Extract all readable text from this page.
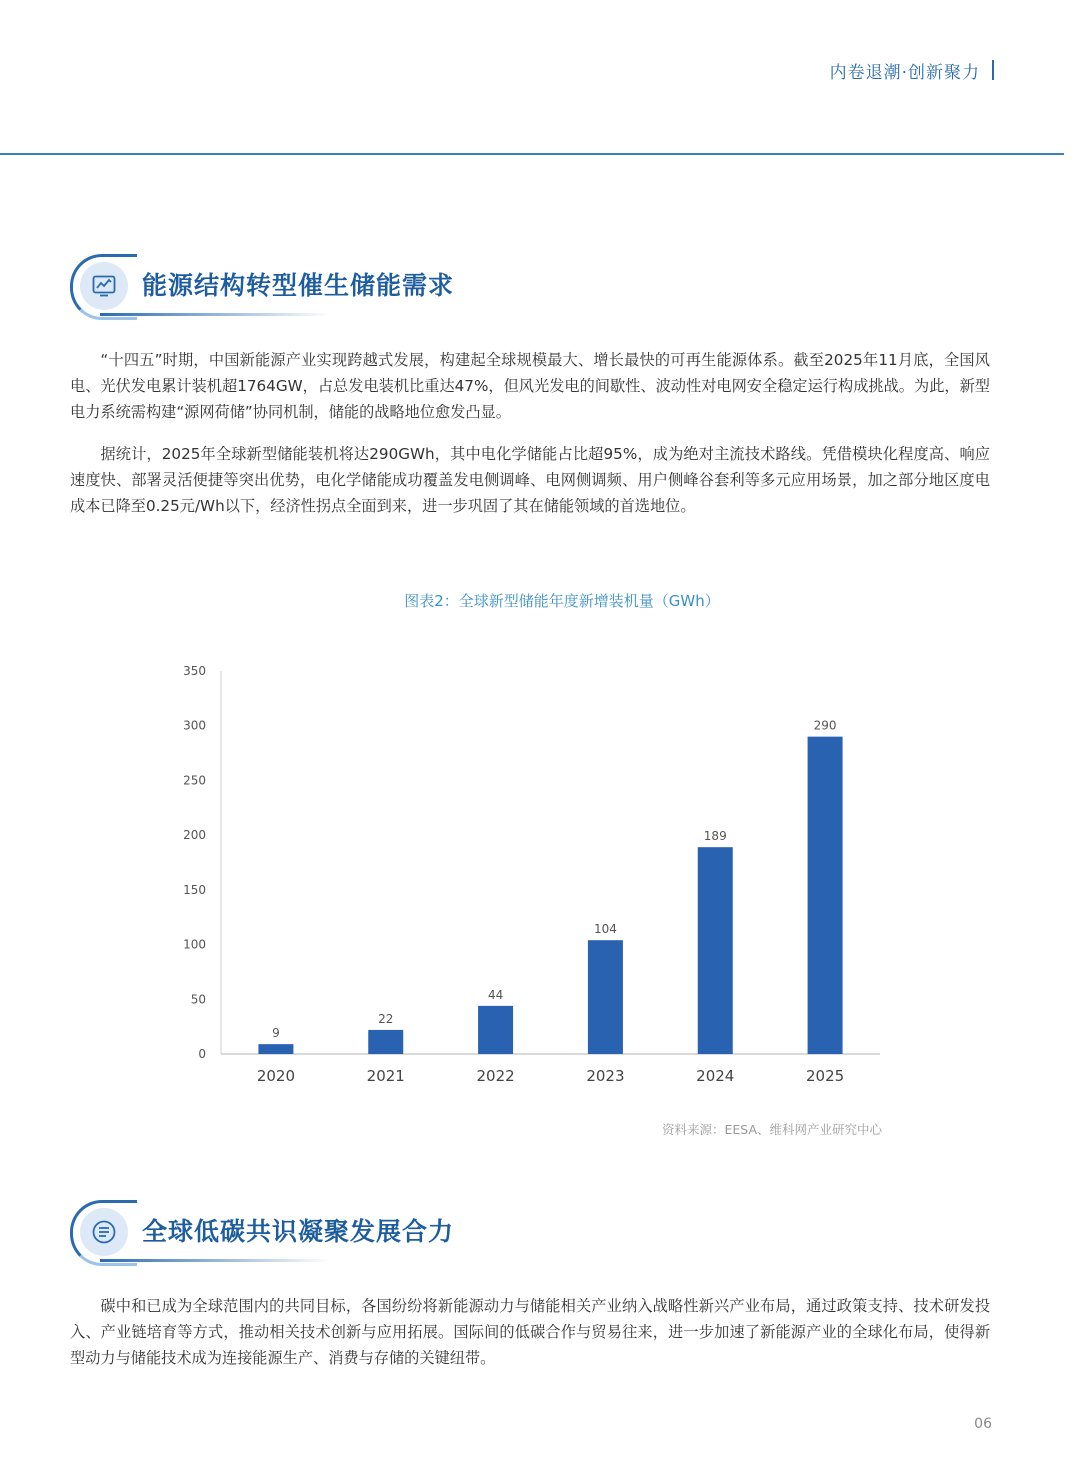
内卷退潮·创新聚力
能源结构转型催生储能需求

“十四五”时期，中国新能源产业实现跨越式发展，构建起全球规模最大、增长最快的可再生能源体系。截至2025年11月底，全国风电、光伏发电累计装机超1764GW，占总发电装机比重达47%，但风光发电的间歇性、波动性对电网安全稳定运行构成挑战。为此，新型电力系统需构建“源网荷储”协同机制，储能的战略地位愈发凸显。

据统计，2025年全球新型储能装机将达290GWh，其中电化学储能占比超95%，成为绝对主流技术路线。凭借模块化程度高、响应速度快、部署灵活便捷等突出优势，电化学储能成功覆盖发电侧调峰、电网侧调频、用户侧峰谷套利等多元应用场景，加之部分地区度电成本已降至0.25元/Wh以下，经济性拐点全面到来，进一步巩固了其在储能领域的首选地位。

图表2：全球新型储能年度新增装机量（GWh）
0
50
100
150
200
250
300
350
9
2020
22
2021
44
2022
104
2023
189
2024
290
2025
资料来源：EESA、维科网产业研究中心
全球低碳共识凝聚发展合力

碳中和已成为全球范围内的共同目标，各国纷纷将新能源动力与储能相关产业纳入战略性新兴产业布局，通过政策支持、技术研发投入、产业链培育等方式，推动相关技术创新与应用拓展。国际间的低碳合作与贸易往来，进一步加速了新能源产业的全球化布局，使得新型动力与储能技术成为连接能源生产、消费与存储的关键纽带。

06
